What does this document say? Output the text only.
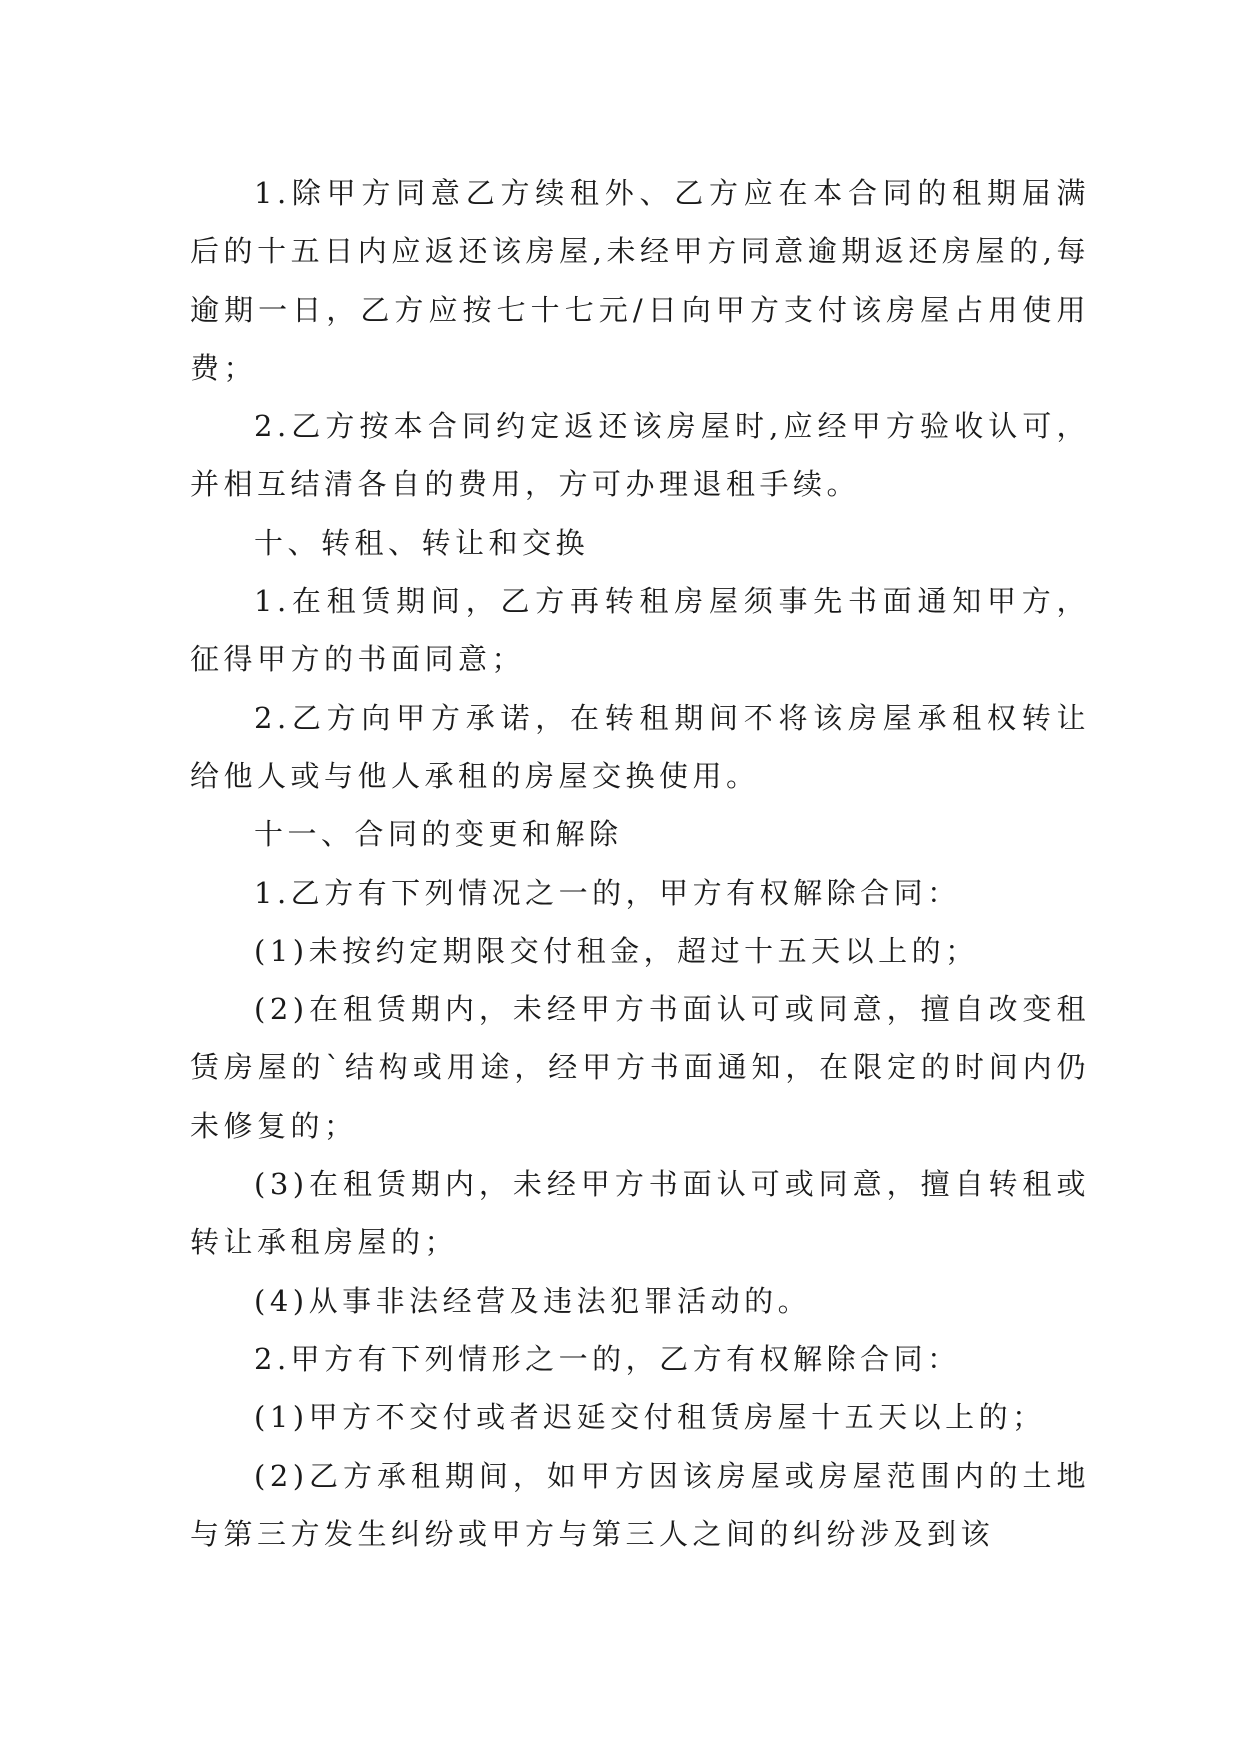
1.除甲方同意乙方续租外、乙方应在本合同的租期届满后的十五日内应返还该房屋,未经甲方同意逾期返还房屋的,每逾期一日，乙方应按七十七元/日向甲方支付该房屋占用使用费；

2.乙方按本合同约定返还该房屋时,应经甲方验收认可，并相互结清各自的费用，方可办理退租手续。

十、转租、转让和交换

1.在租赁期间，乙方再转租房屋须事先书面通知甲方，征得甲方的书面同意；

2.乙方向甲方承诺，在转租期间不将该房屋承租权转让给他人或与他人承租的房屋交换使用。

十一、合同的变更和解除

1.乙方有下列情况之一的，甲方有权解除合同：

(1)未按约定期限交付租金，超过十五天以上的；

(2)在租赁期内，未经甲方书面认可或同意，擅自改变租赁房屋的`结构或用途，经甲方书面通知，在限定的时间内仍未修复的；

(3)在租赁期内，未经甲方书面认可或同意，擅自转租或转让承租房屋的；

(4)从事非法经营及违法犯罪活动的。

2.甲方有下列情形之一的，乙方有权解除合同：

(1)甲方不交付或者迟延交付租赁房屋十五天以上的；

(2)乙方承租期间，如甲方因该房屋或房屋范围内的土地与第三方发生纠纷或甲方与第三人之间的纠纷涉及到该
